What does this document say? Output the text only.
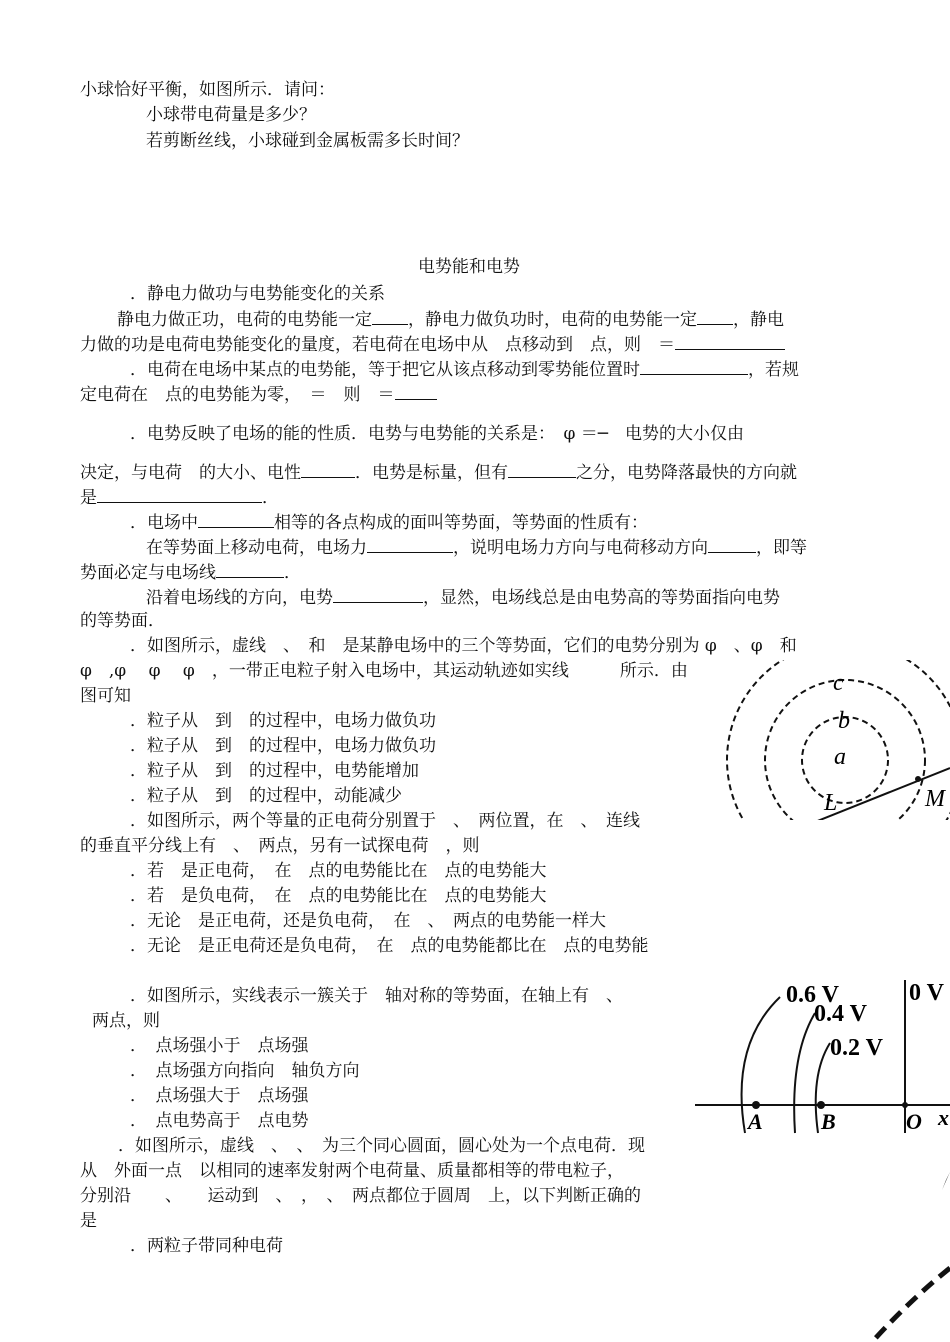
小球恰好平衡，如图所示．请问：
小球带电荷量是多少？
若剪断丝线，小球碰到金属板需多长时间？
电势能和电势
．静电力做功与电势能变化的关系
静电力做正功，电荷的电势能一定 ，静电力做负功时，电荷的电势能一定 ，静电
力做的功是电荷电势能变化的量度，若电荷在电场中从　点移动到　点，则　＝
．电荷在电场中某点的电势能，等于把它从该点移动到零势能位置时	，若规
定电荷在　点的电势能为零，　＝　则　＝
．电势反映了电场的能的性质．电势与电势能的关系是：　φ ＝─　电势的大小仅由
决定，与电荷　的大小、电性	．电势是标量，但有	之分，电势降落最快的方向就
是	．
．电场中	相等的各点构成的面叫等势面，等势面的性质有：
在等势面上移动电荷，电场力	，说明电场力方向与电荷移动方向	，即等
势面必定与电场线	．
沿着电场线的方向，电势	，显然，电场线总是由电势高的等势面指向电势
的等势面．
．如图所示，虚线　、　和　是某静电场中的三个等势面，它们的电势分别为 φ　、φ　和
φ　,φ　 φ　 φ　，一带正电粒子射入电场中，其运动轨迹如实线　　　所示．由
图可知
．粒子从　到　的过程中，电场力做负功
．粒子从　到　的过程中，电场力做负功
．粒子从　到　的过程中，电势能增加
．粒子从　到　的过程中，动能减少
．如图所示，两个等量的正电荷分别置于　、　两位置，在　、　连线
的垂直平分线上有　、　两点，另有一试探电荷　，则
．若　是正电荷，　在　点的电势能比在　点的电势能大
．若　是负电荷，　在　点的电势能比在　点的电势能大
．无论　是正电荷，还是负电荷，　在　、　两点的电势能一样大
．无论　是正电荷还是负电荷，　在　点的电势能都比在　点的电势能
．如图所示，实线表示一簇关于　轴对称的等势面，在轴上有　、
两点，则
．　点场强小于　点场强
．　点场强方向指向　轴负方向
．　点场强大于　点场强
．　点电势高于　点电势
．如图所示，虚线　、　、　为三个同心圆面，圆心处为一个点电荷．现
从　外面一点　以相同的速率发射两个电荷量、质量都相等的带电粒子，
分别沿　　、　　运动到　、　，　、　两点都位于圆周　上，以下判断正确的
是
．两粒子带同种电荷
c
b
a
L	M
0.6 V
0.4 V
0.2 V
0 V
A	B	O x
